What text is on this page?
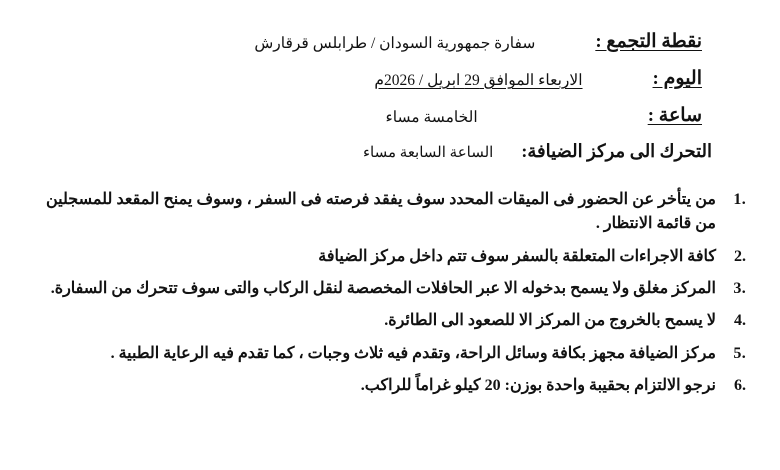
نقطة التجمع :
سفارة جمهورية السودان / طرابلس قرقارش
اليوم :
الاربعاء الموافق 29 ابريل / 2026م
ساعة :
الخامسة مساء
التحرك الى مركز الضيافة:
الساعة السابعة مساء
من يتأخر عن الحضور فى الميقات المحدد سوف يفقد فرصته فى السفر ، وسوف يمنح المقعد للمسجلين من قائمة الانتظار .
كافة الاجراءات المتعلقة بالسفر سوف تتم داخل مركز الضيافة
المركز مغلق ولا يسمح بدخوله الا عبر الحافلات المخصصة لنقل الركاب والتى سوف تتحرك من السفارة.
لا يسمح بالخروج من المركز الا للصعود الى الطائرة.
مركز الضيافة مجهز بكافة وسائل الراحة، وتقدم فيه ثلاث وجبات ، كما تقدم فيه الرعاية الطبية .
نرجو الالتزام بحقيبة واحدة بوزن: 20 كيلو غراماً للراكب.
